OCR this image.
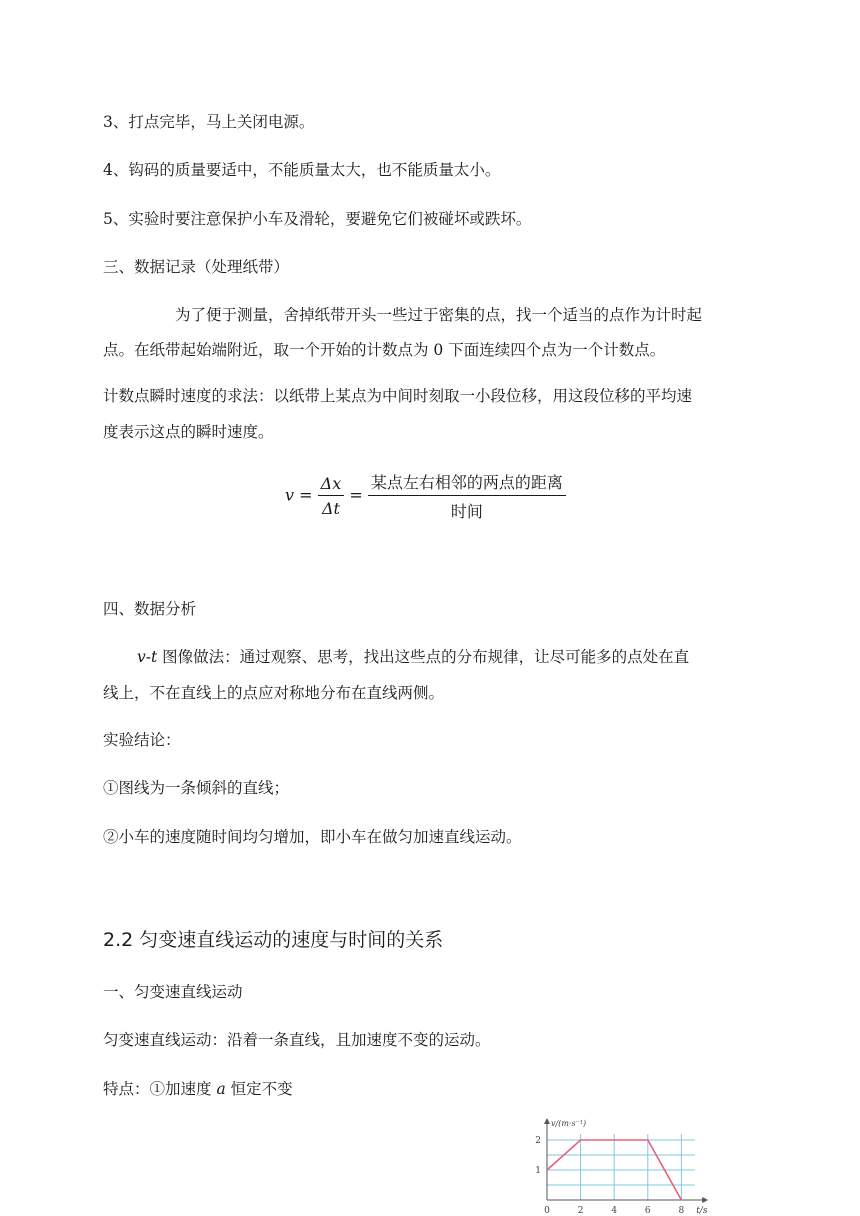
3、打点完毕，马上关闭电源。
4、钩码的质量要适中，不能质量太大，也不能质量太小。
5、实验时要注意保护小车及滑轮，要避免它们被碰坏或跌坏。
三、数据记录（处理纸带）
为了便于测量，舍掉纸带开头一些过于密集的点，找一个适当的点作为计时起
点。在纸带起始端附近，取一个开始的计数点为 0 下面连续四个点为一个计数点。
计数点瞬时速度的求法：以纸带上某点为中间时刻取一小段位移，用这段位移的平均速
度表示这点的瞬时速度。
$v = \frac{\Delta x}{\Delta t} = \frac{\text{某点左右相邻的两点的距离}}{\text{时间}}$
四、数据分析
v-t 图像做法：通过观察、思考，找出这些点的分布规律，让尽可能多的点处在直
线上，不在直线上的点应对称地分布在直线两侧。
实验结论：
①图线为一条倾斜的直线；
②小车的速度随时间均匀增加，即小车在做匀加速直线运动。
2.2 匀变速直线运动的速度与时间的关系
一、匀变速直线运动
匀变速直线运动：沿着一条直线，且加速度不变的运动。
特点：①加速度 a 恒定不变
0	2	4	6	8
1
2
v/(m·s⁻¹)
t/s
